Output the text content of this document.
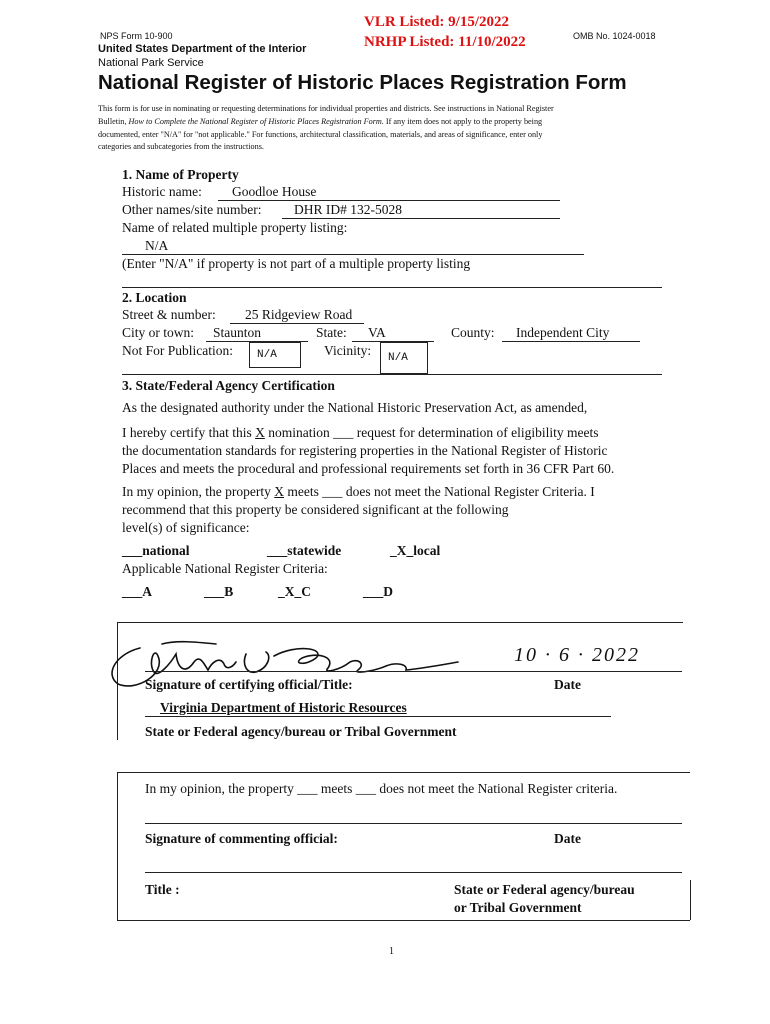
NPS Form 10-900
United States Department of the Interior
National Park Service
VLR Listed: 9/15/2022
NRHP Listed: 11/10/2022	OMB No. 1024-0018
National Register of Historic Places Registration Form
This form is for use in nominating or requesting determinations for individual properties and districts. See instructions in National Register
Bulletin, How to Complete the National Register of Historic Places Registration Form. If any item does not apply to the property being
documented, enter "N/A" for "not applicable." For functions, architectural classification, materials, and areas of significance, enter only
categories and subcategories from the instructions.
1. Name of Property
Historic name: Goodloe House
Other names/site number: DHR ID# 132-5028
Name of related multiple property listing:
N/A
(Enter "N/A" if property is not part of a multiple property listing
2. Location
Street & number: 25 Ridgeview Road
City or town: Staunton	State: VA	County: Independent City
Not For Publication:	N/A	Vicinity:	N/A
3. State/Federal Agency Certification
As the designated authority under the National Historic Preservation Act, as amended,
I hereby certify that this X nomination ___ request for determination of eligibility meets
the documentation standards for registering properties in the National Register of Historic
Places and meets the procedural and professional requirements set forth in 36 CFR Part 60.
In my opinion, the property X meets ___ does not meet the National Register Criteria. I
recommend that this property be considered significant at the following
level(s) of significance:
___national	___statewide	_X_local
Applicable National Register Criteria:
___A	___B	_X_C	___D
10 · 6 · 2022
Signature of certifying official/Title:	Date
Virginia Department of Historic Resources
State or Federal agency/bureau or Tribal Government
In my opinion, the property ___ meets ___ does not meet the National Register criteria.
Signature of commenting official:	Date
Title :	State or Federal agency/bureau
or Tribal Government
1
